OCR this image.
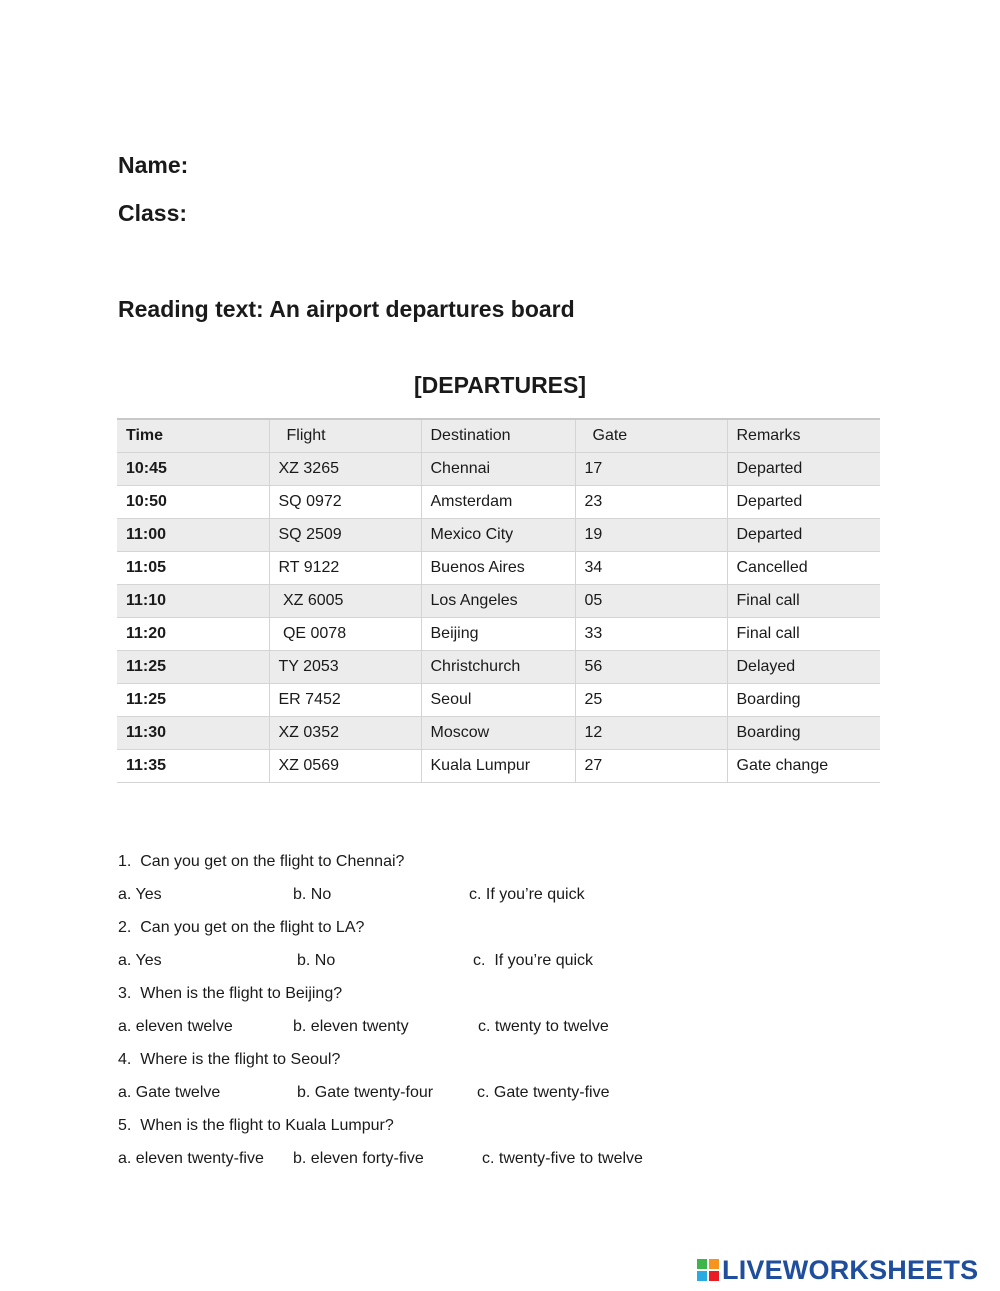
Name:
Class:
Reading text: An airport departures board
[DEPARTURES]
Time	Flight	Destination	Gate	Remarks
10:45	XZ 3265	Chennai	17	Departed
10:50	SQ 0972	Amsterdam	23	Departed
11:00	SQ 2509	Mexico City	19	Departed
11:05	RT 9122	Buenos Aires	34	Cancelled
11:10	XZ 6005	Los Angeles	05	Final call
11:20	QE 0078	Beijing	33	Final call
11:25	TY 2053	Christchurch	56	Delayed
11:25	ER 7452	Seoul	25	Boarding
11:30	XZ 0352	Moscow	12	Boarding
11:35	XZ 0569	Kuala Lumpur	27	Gate change
1.  Can you get on the flight to Chennai?
a. Yes	b. No	c. If you’re quick
2.  Can you get on the flight to LA?
a. Yes	b. No	c.  If you’re quick
3.  When is the flight to Beijing?
a. eleven twelve	b. eleven twenty	c. twenty to twelve
4.  Where is the flight to Seoul?
a. Gate twelve	b. Gate twenty-four	c. Gate twenty-five
5.  When is the flight to Kuala Lumpur?
a. eleven twenty-five b. eleven forty-five	c. twenty-five to twelve
LIVEWORKSHEETS
